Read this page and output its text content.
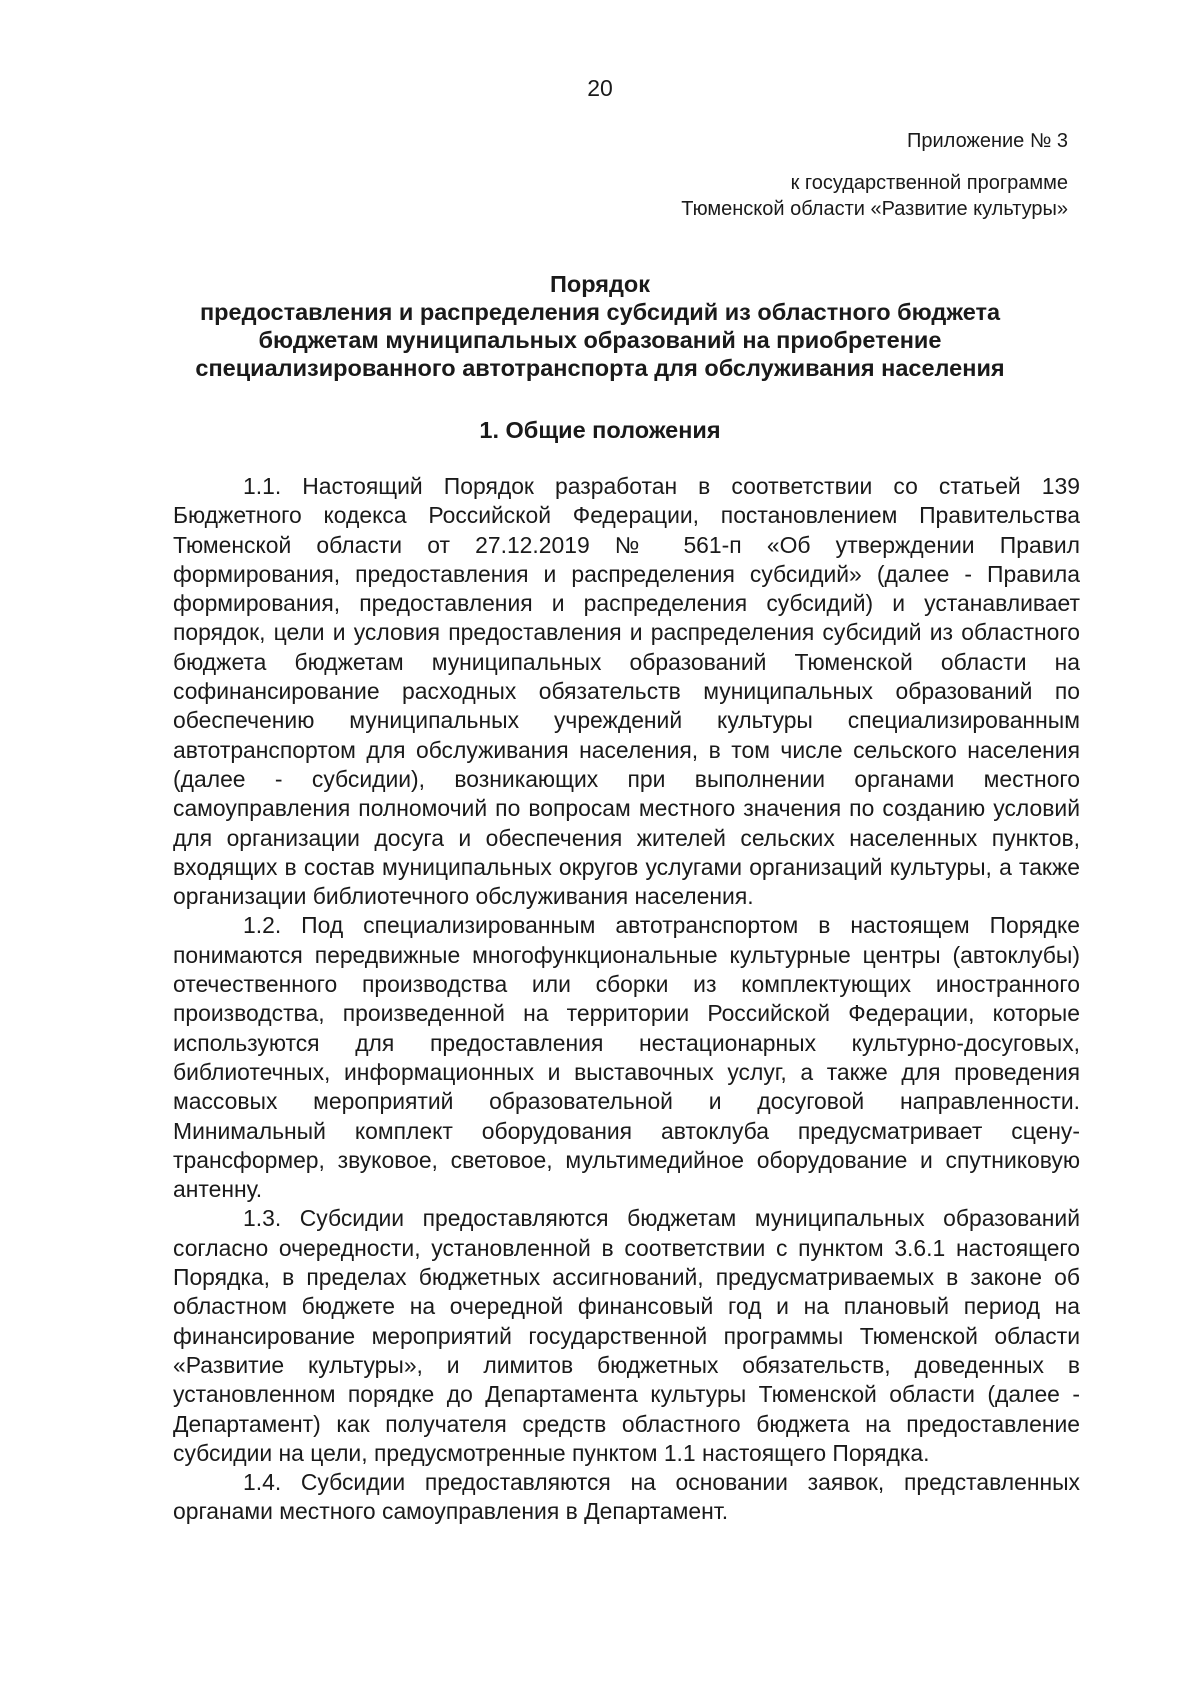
20
Приложение № 3
к государственной программе
Тюменской области «Развитие культуры»
Порядок
предоставления и распределения субсидий из областного бюджета
бюджетам муниципальных образований на приобретение
специализированного автотранспорта для обслуживания населения
1. Общие положения

1.1. Настоящий Порядок разработан в соответствии со статьей 139 Бюджетного кодекса Российской Федерации, постановлением Правительства Тюменской области от 27.12.2019 № 561-п «Об утверждении Правил формирования, предоставления и распределения субсидий» (далее - Правила формирования, предоставления и распределения субсидий) и устанавливает порядок, цели и условия предоставления и распределения субсидий из областного бюджета бюджетам муниципальных образований Тюменской области на софинансирование расходных обязательств муниципальных образований по обеспечению муниципальных учреждений культуры специализированным автотранспортом для обслуживания населения, в том числе сельского населения (далее - субсидии), возникающих при выполнении органами местного самоуправления полномочий по вопросам местного значения по созданию условий для организации досуга и обеспечения жителей сельских населенных пунктов, входящих в состав муниципальных округов услугами организаций культуры, а также организации библиотечного обслуживания населения.

1.2. Под специализированным автотранспортом в настоящем Порядке понимаются передвижные многофункциональные культурные центры (автоклубы) отечественного производства или сборки из комплектующих иностранного производства, произведенной на территории Российской Федерации, которые используются для предоставления нестационарных культурно-досуговых, библиотечных, информационных и выставочных услуг, а также для проведения массовых мероприятий образовательной и досуговой направленности. Минимальный комплект оборудования автоклуба предусматривает сцену-трансформер, звуковое, световое, мультимедийное оборудование и спутниковую антенну.

1.3. Субсидии предоставляются бюджетам муниципальных образований согласно очередности, установленной в соответствии с пунктом 3.6.1 настоящего Порядка, в пределах бюджетных ассигнований, предусматриваемых в законе об областном бюджете на очередной финансовый год и на плановый период на финансирование мероприятий государственной программы Тюменской области «Развитие культуры», и лимитов бюджетных обязательств, доведенных в установленном порядке до Департамента культуры Тюменской области (далее - Департамент) как получателя средств областного бюджета на предоставление субсидии на цели, предусмотренные пунктом 1.1 настоящего Порядка.

1.4. Субсидии предоставляются на основании заявок, представленных органами местного самоуправления в Департамент.
